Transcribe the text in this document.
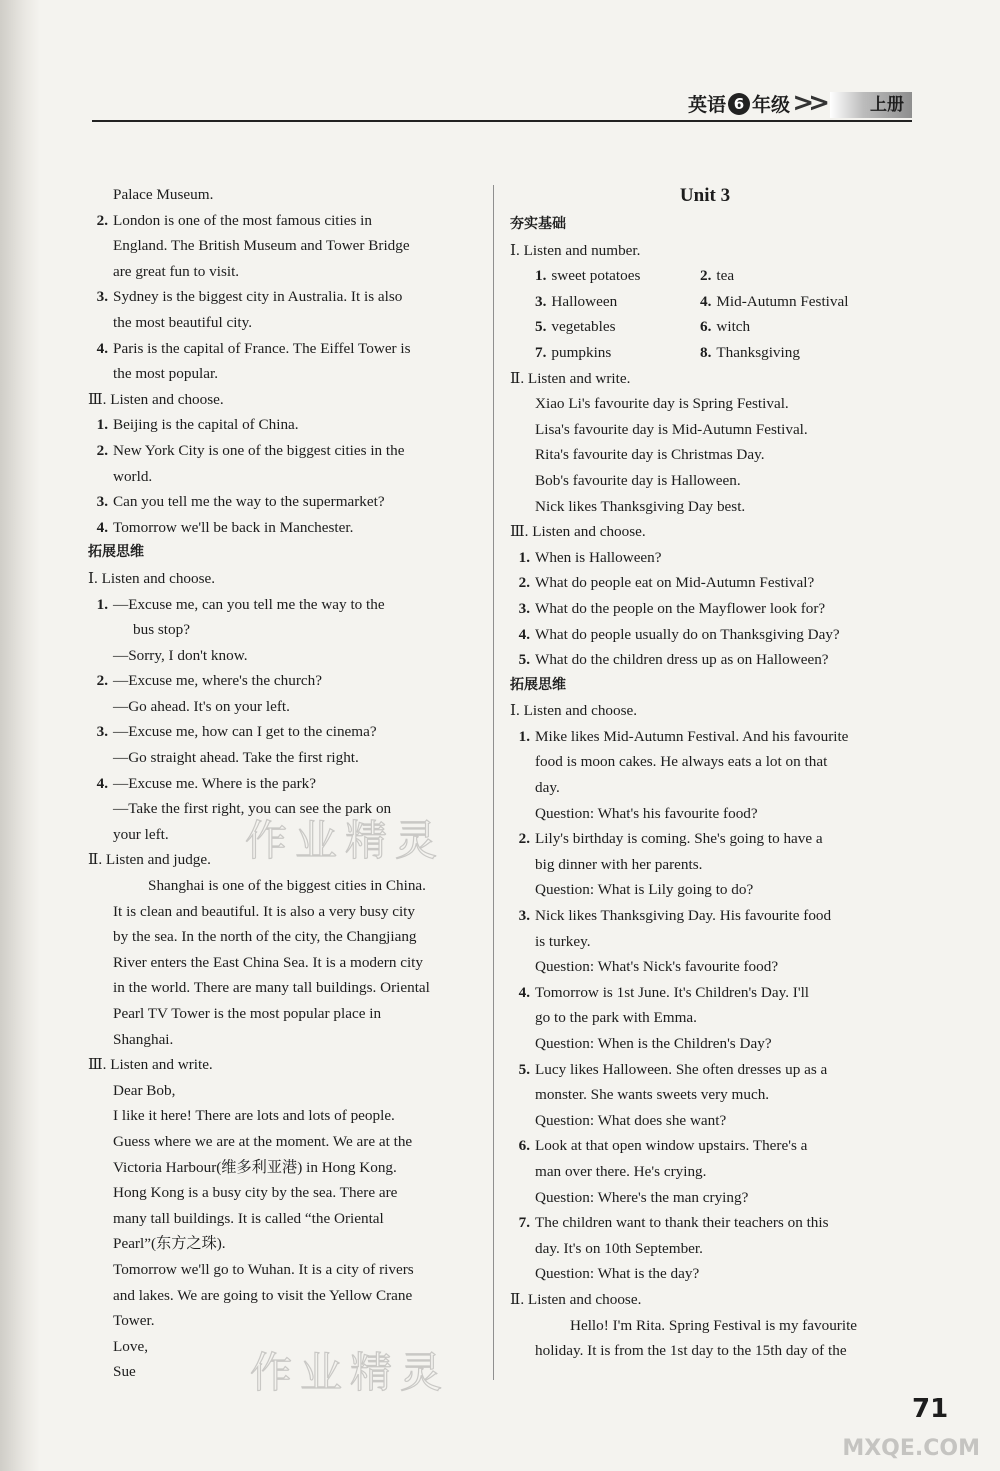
英语 6 年级 >>	上册
Palace Museum.
2. London is one of the most famous cities in
England. The British Museum and Tower Bridge
are great fun to visit.
3. Sydney is the biggest city in Australia. It is also
the most beautiful city.
4. Paris is the capital of France. The Eiffel Tower is
the most popular.
Ⅲ. Listen and choose.
1. Beijing is the capital of China.
2. New York City is one of the biggest cities in the
world.
3. Can you tell me the way to the supermarket?
4. Tomorrow we'll be back in Manchester.
拓展思维
Ⅰ. Listen and choose.
1. —Excuse me, can you tell me the way to the
bus stop?
—Sorry, I don't know.
2. —Excuse me, where's the church?
—Go ahead. It's on your left.
3. —Excuse me, how can I get to the cinema?
—Go straight ahead. Take the first right.
4. —Excuse me. Where is the park?
—Take the first right, you can see the park on
your left.
Ⅱ. Listen and judge.
Shanghai is one of the biggest cities in China.
It is clean and beautiful. It is also a very busy city
by the sea. In the north of the city, the Changjiang
River enters the East China Sea. It is a modern city
in the world. There are many tall buildings. Oriental
Pearl TV Tower is the most popular place in
Shanghai.
Ⅲ. Listen and write.
Dear Bob,
I like it here! There are lots and lots of people.
Guess where we are at the moment. We are at the
Victoria Harbour(维多利亚港) in Hong Kong.
Hong Kong is a busy city by the sea. There are
many tall buildings. It is called “the Oriental
Pearl”(东方之珠).
Tomorrow we'll go to Wuhan. It is a city of rivers
and lakes. We are going to visit the Yellow Crane
Tower.
Love,
Sue
Unit 3
夯实基础
Ⅰ. Listen and number.
1. sweet potatoes	2. tea
3. Halloween	4. Mid-Autumn Festival
5. vegetables	6. witch
7. pumpkins	8. Thanksgiving
Ⅱ. Listen and write.
Xiao Li's favourite day is Spring Festival.
Lisa's favourite day is Mid-Autumn Festival.
Rita's favourite day is Christmas Day.
Bob's favourite day is Halloween.
Nick likes Thanksgiving Day best.
Ⅲ. Listen and choose.
1. When is Halloween?
2. What do people eat on Mid-Autumn Festival?
3. What do the people on the Mayflower look for?
4. What do people usually do on Thanksgiving Day?
5. What do the children dress up as on Halloween?
拓展思维
Ⅰ. Listen and choose.
1. Mike likes Mid-Autumn Festival. And his favourite
food is moon cakes. He always eats a lot on that
day.
Question: What's his favourite food?
2. Lily's birthday is coming. She's going to have a
big dinner with her parents.
Question: What is Lily going to do?
3. Nick likes Thanksgiving Day. His favourite food
is turkey.
Question: What's Nick's favourite food?
4. Tomorrow is 1st June. It's Children's Day. I'll
go to the park with Emma.
Question: When is the Children's Day?
5. Lucy likes Halloween. She often dresses up as a
monster. She wants sweets very much.
Question: What does she want?
6. Look at that open window upstairs. There's a
man over there. He's crying.
Question: Where's the man crying?
7. The children want to thank their teachers on this
day. It's on 10th September.
Question: What is the day?
Ⅱ. Listen and choose.
Hello! I'm Rita. Spring Festival is my favourite
holiday. It is from the 1st day to the 15th day of the
作业精灵
作业精灵
71
MXQE.COM
